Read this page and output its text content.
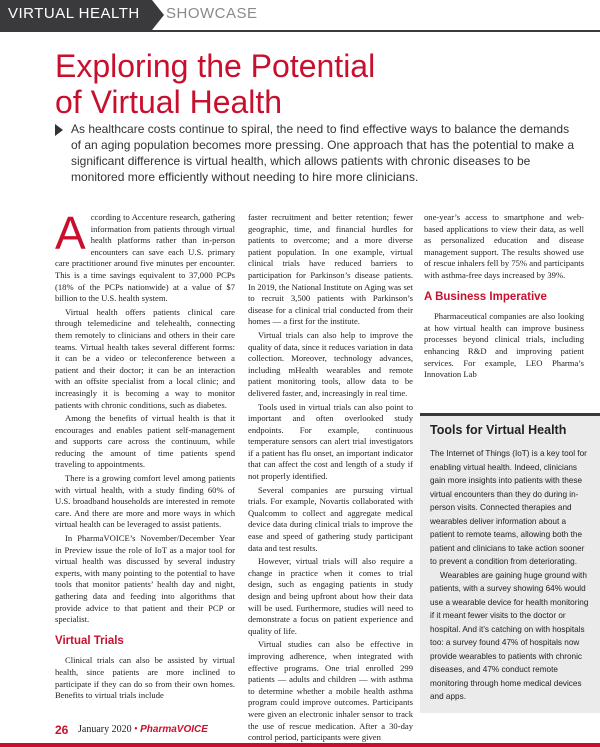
VIRTUAL HEALTH SHOWCASE
Exploring the Potential
of Virtual Health

As healthcare costs continue to spiral, the need to find effective ways to balance the demands of an aging population becomes more pressing. One approach that has the potential to make a significant difference is virtual health, which allows patients with chronic diseases to be monitored more efficiently without needing to hire more clinicians.

According to Accenture research, gathering information from patients through virtual health platforms rather than in-person encounters can save each U.S. primary care practitioner around five minutes per encounter. This is a time savings equivalent to 37,000 PCPs (18% of the PCPs nationwide) at a value of $7 billion to the U.S. health system.

Virtual health offers patients clinical care through telemedicine and telehealth, connecting them remotely to clinicians and others in their care teams. Virtual health takes several different forms: it can be a video or teleconference between a patient and their doctor; it can be an interaction with an offsite specialist from a local clinic; and increasingly it is becoming a way to monitor patients with chronic conditions, such as diabetes.

Among the benefits of virtual health is that it encourages and enables patient self-management and supports care across the continuum, while reducing the amount of time patients spend traveling to appointments.

There is a growing comfort level among patients with virtual health, with a study finding 60% of U.S. broadband households are interested in remote care. And there are more and more ways in which virtual health can be leveraged to assist patients.

In PharmaVOICE’s November/December Year in Preview issue the role of IoT as a major tool for virtual health was discussed by several industry experts, with many pointing to the potential to have tools that monitor patients’ health day and night, gathering data and feeding into algorithms that provide advice to that patient and their PCP or specialist.

Virtual Trials

Clinical trials can also be assisted by virtual health, since patients are more inclined to participate if they can do so from their own homes. Benefits to virtual trials include

faster recruitment and better retention; fewer geographic, time, and financial hurdles for patients to overcome; and a more diverse patient population. In one example, virtual clinical trials have reduced barriers to participation for Parkinson’s disease patients. In 2019, the National Institute on Aging was set to recruit 3,500 patients with Parkinson’s disease for a clinical trial conducted from their homes — a first for the institute.

Virtual trials can also help to improve the quality of data, since it reduces variation in data collection. Moreover, technology advances, including mHealth wearables and remote patient monitoring tools, allow data to be delivered faster, and, increasingly in real time.

Tools used in virtual trials can also point to important and often overlooked study endpoints. For example, continuous temperature sensors can alert trial investigators if a patient has flu onset, an important indicator that can affect the cost and length of a study if not properly identified.

Several companies are pursuing virtual trials. For example, Novartis collaborated with Qualcomm to collect and aggregate medical device data during clinical trials to improve the ease and speed of gathering study participant data and test results.

However, virtual trials will also require a change in practice when it comes to trial design, such as engaging patients in study design and being upfront about how their data will be used. Furthermore, studies will need to demonstrate a focus on patient experience and quality of life.

Virtual studies can also be effective in improving adherence, when integrated with effective programs. One trial enrolled 299 patients — adults and children — with asthma to determine whether a mobile health asthma program could improve outcomes. Participants were given an electronic inhaler sensor to track the use of rescue medication. After a 30-day control period, participants were given

one-year’s access to smartphone and web-based applications to view their data, as well as personalized education and disease management support. The results showed use of rescue inhalers fell by 75% and participants with asthma-free days increased by 39%.

A Business Imperative

Pharmaceutical companies are also looking at how virtual health can improve business processes beyond clinical trials, including enhancing R&D and improving patient services. For example, LEO Pharma’s Innovation Lab

Tools for Virtual Health

The Internet of Things (IoT) is a key tool for enabling virtual health. Indeed, clinicians gain more insights into patients with these virtual encounters than they do during in-person visits. Connected therapies and wearables deliver information about a patient to remote teams, allowing both the patient and clinicians to take action sooner to prevent a condition from deteriorating.

Wearables are gaining huge ground with patients, with a survey showing 64% would use a wearable device for health monitoring if it meant fewer visits to the doctor or hospital. And it’s catching on with hospitals too: a survey found 47% of hospitals now provide wearables to patients with chronic diseases, and 47% conduct remote monitoring through home medical devices and apps.

26 January 2020 • PharmaVOICE
